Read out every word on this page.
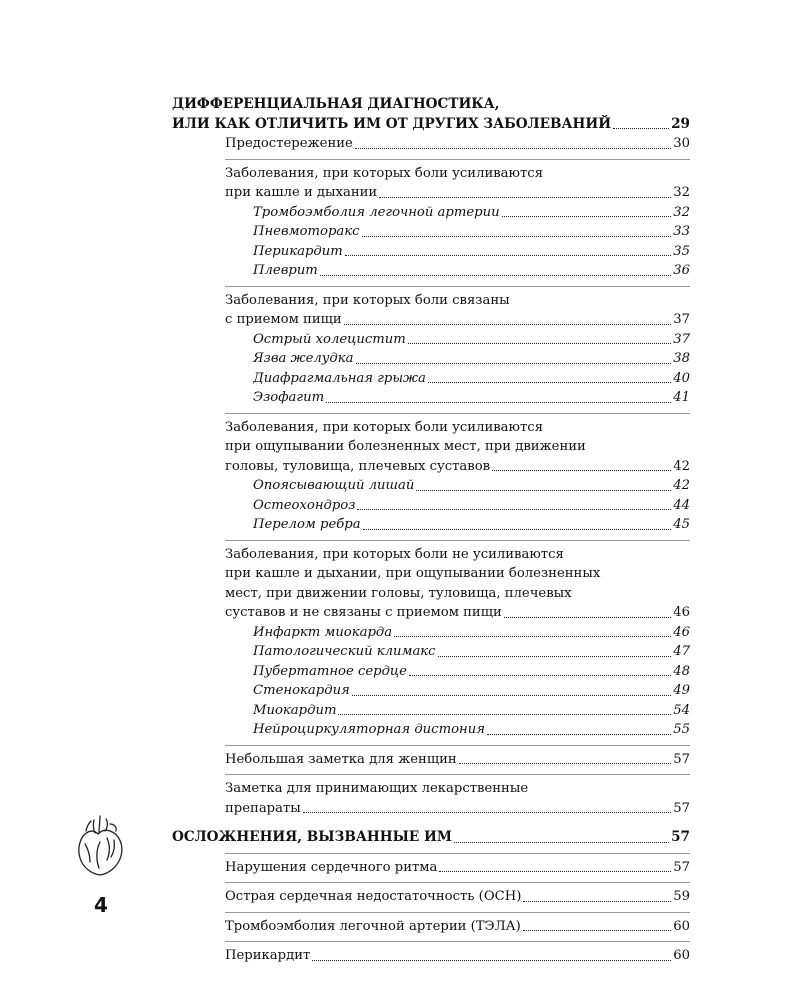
ДИФФЕРЕНЦИАЛЬНАЯ ДИАГНОСТИКА,
ИЛИ КАК ОТЛИЧИТЬ ИМ ОТ ДРУГИХ ЗАБОЛЕВАНИЙ	29
Предостережение	30
Заболевания, при которых боли усиливаются
при кашле и дыхании	32
Тромбоэмболия легочной артерии	32
Пневмоторакс	33
Перикардит	35
Плеврит	36
Заболевания, при которых боли связаны
с приемом пищи	37
Острый холецистит	37
Язва желудка	38
Диафрагмальная грыжа	40
Эзофагит	41
Заболевания, при которых боли усиливаются
при ощупывании болезненных мест, при движении
головы, туловища, плечевых суставов	42
Опоясывающий лишай	42
Остеохондроз	44
Перелом ребра	45
Заболевания, при которых боли не усиливаются
при кашле и дыхании, при ощупывании болезненных
мест, при движении головы, туловища, плечевых
суставов и не связаны с приемом пищи	46
Инфаркт миокарда	46
Патологический климакс	47
Пубертатное сердце	48
Стенокардия	49
Миокардит	54
Нейроциркуляторная дистония	55
Небольшая заметка для женщин	57
Заметка для принимающих лекарственные
препараты	57
ОСЛОЖНЕНИЯ, ВЫЗВАННЫЕ ИМ	57
Нарушения сердечного ритма	57
Острая сердечная недостаточность (ОСН)	59
Тромбоэмболия легочной артерии (ТЭЛА)	60
Перикардит	60
4
